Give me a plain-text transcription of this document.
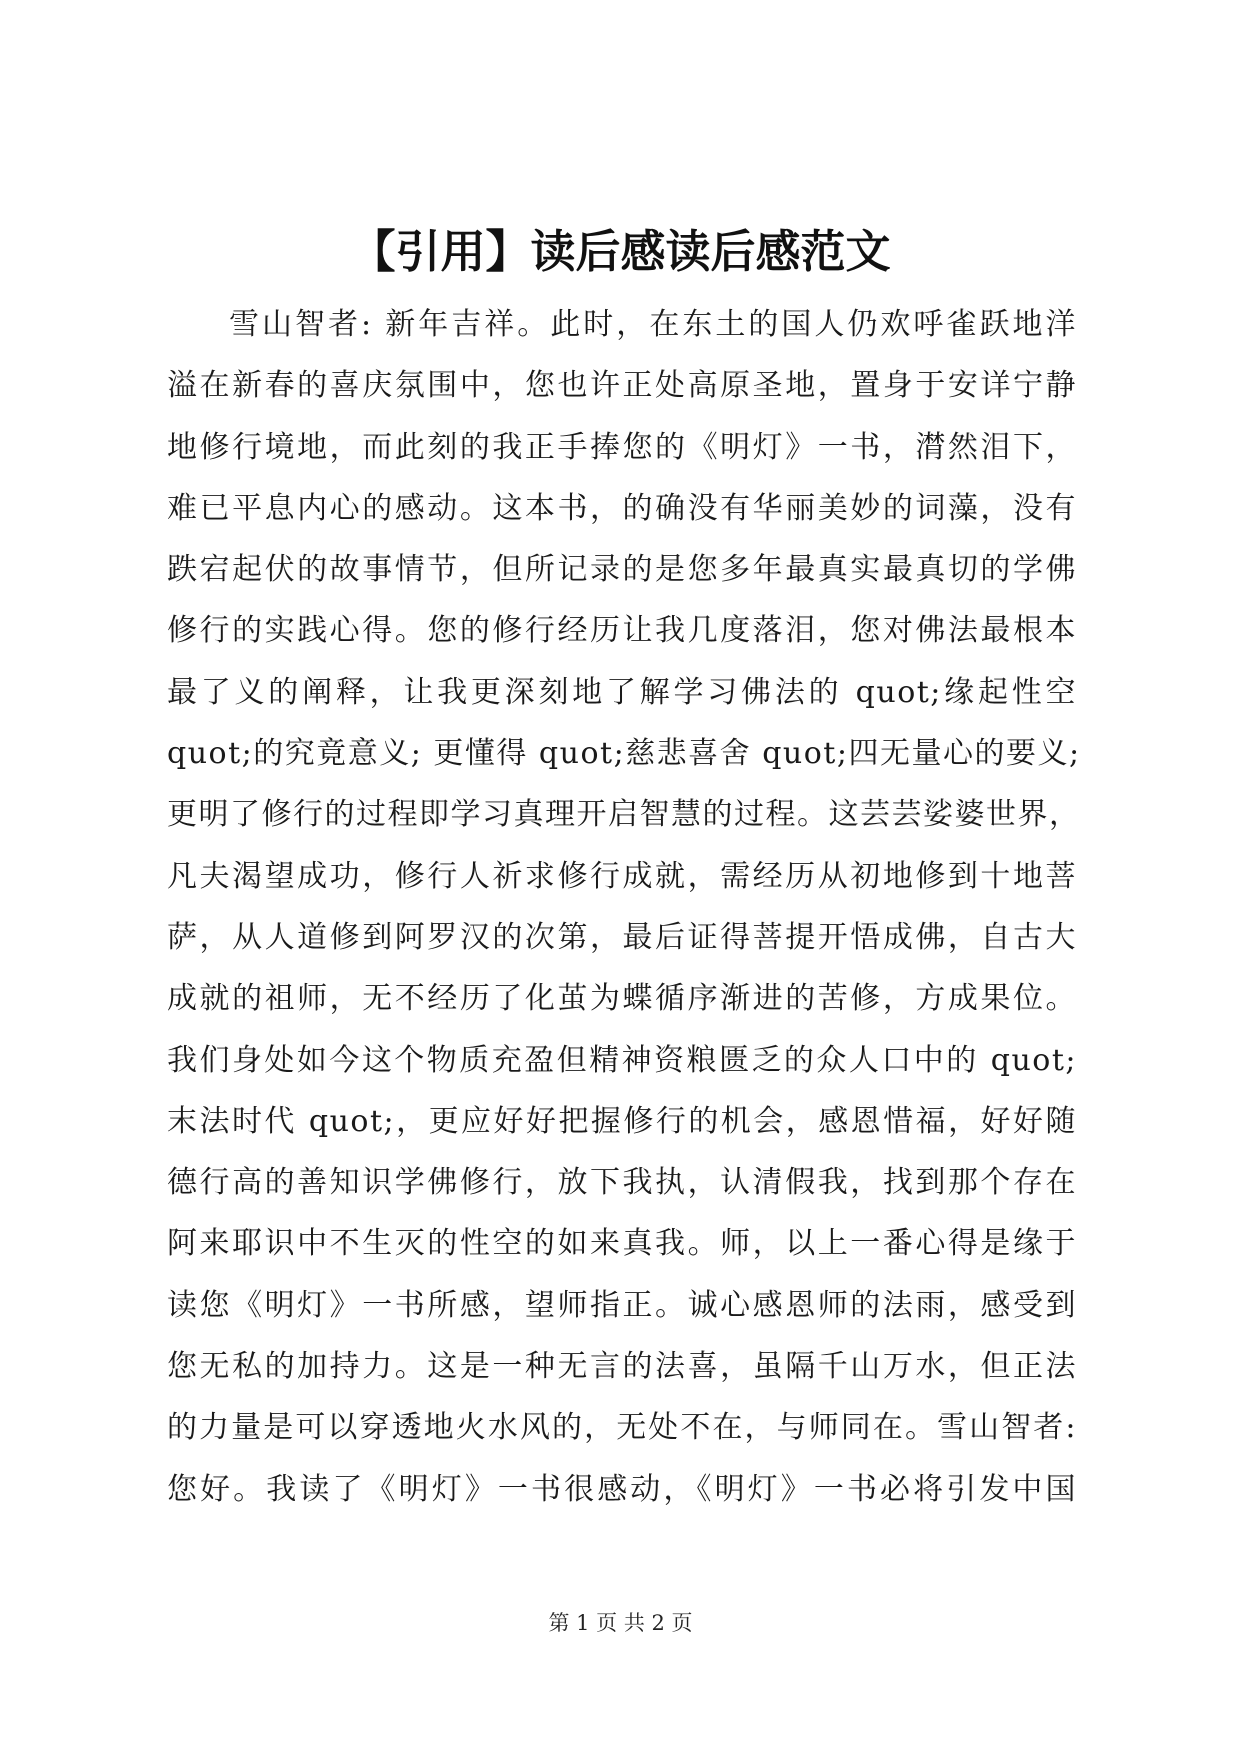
【引用】读后感读后感范文
雪山智者: 新年吉祥。此时，在东土的国人仍欢呼雀跃地洋
溢在新春的喜庆氛围中，您也许正处高原圣地，置身于安详宁静
地修行境地，而此刻的我正手捧您的《明灯》一书，潸然泪下，
难已平息内心的感动。这本书，的确没有华丽美妙的词藻，没有
跌宕起伏的故事情节，但所记录的是您多年最真实最真切的学佛
修行的实践心得。您的修行经历让我几度落泪，您对佛法最根本
最了义的阐释，让我更深刻地了解学习佛法的 quot;缘起性空
quot;的究竟意义; 更懂得 quot;慈悲喜舍 quot;四无量心的要义;
更明了修行的过程即学习真理开启智慧的过程。这芸芸娑婆世界，
凡夫渴望成功，修行人祈求修行成就，需经历从初地修到十地菩
萨，从人道修到阿罗汉的次第，最后证得菩提开悟成佛，自古大
成就的祖师，无不经历了化茧为蝶循序渐进的苦修，方成果位。
我们身处如今这个物质充盈但精神资粮匮乏的众人口中的 quot;
末法时代 quot;，更应好好把握修行的机会，感恩惜福，好好随
德行高的善知识学佛修行，放下我执，认清假我，找到那个存在
阿来耶识中不生灭的性空的如来真我。师，以上一番心得是缘于
读您《明灯》一书所感，望师指正。诚心感恩师的法雨，感受到
您无私的加持力。这是一种无言的法喜，虽隔千山万水，但正法
的力量是可以穿透地火水风的，无处不在，与师同在。雪山智者:
您好。我读了《明灯》一书很感动，《明灯》一书必将引发中国
第 1 页 共 2 页
